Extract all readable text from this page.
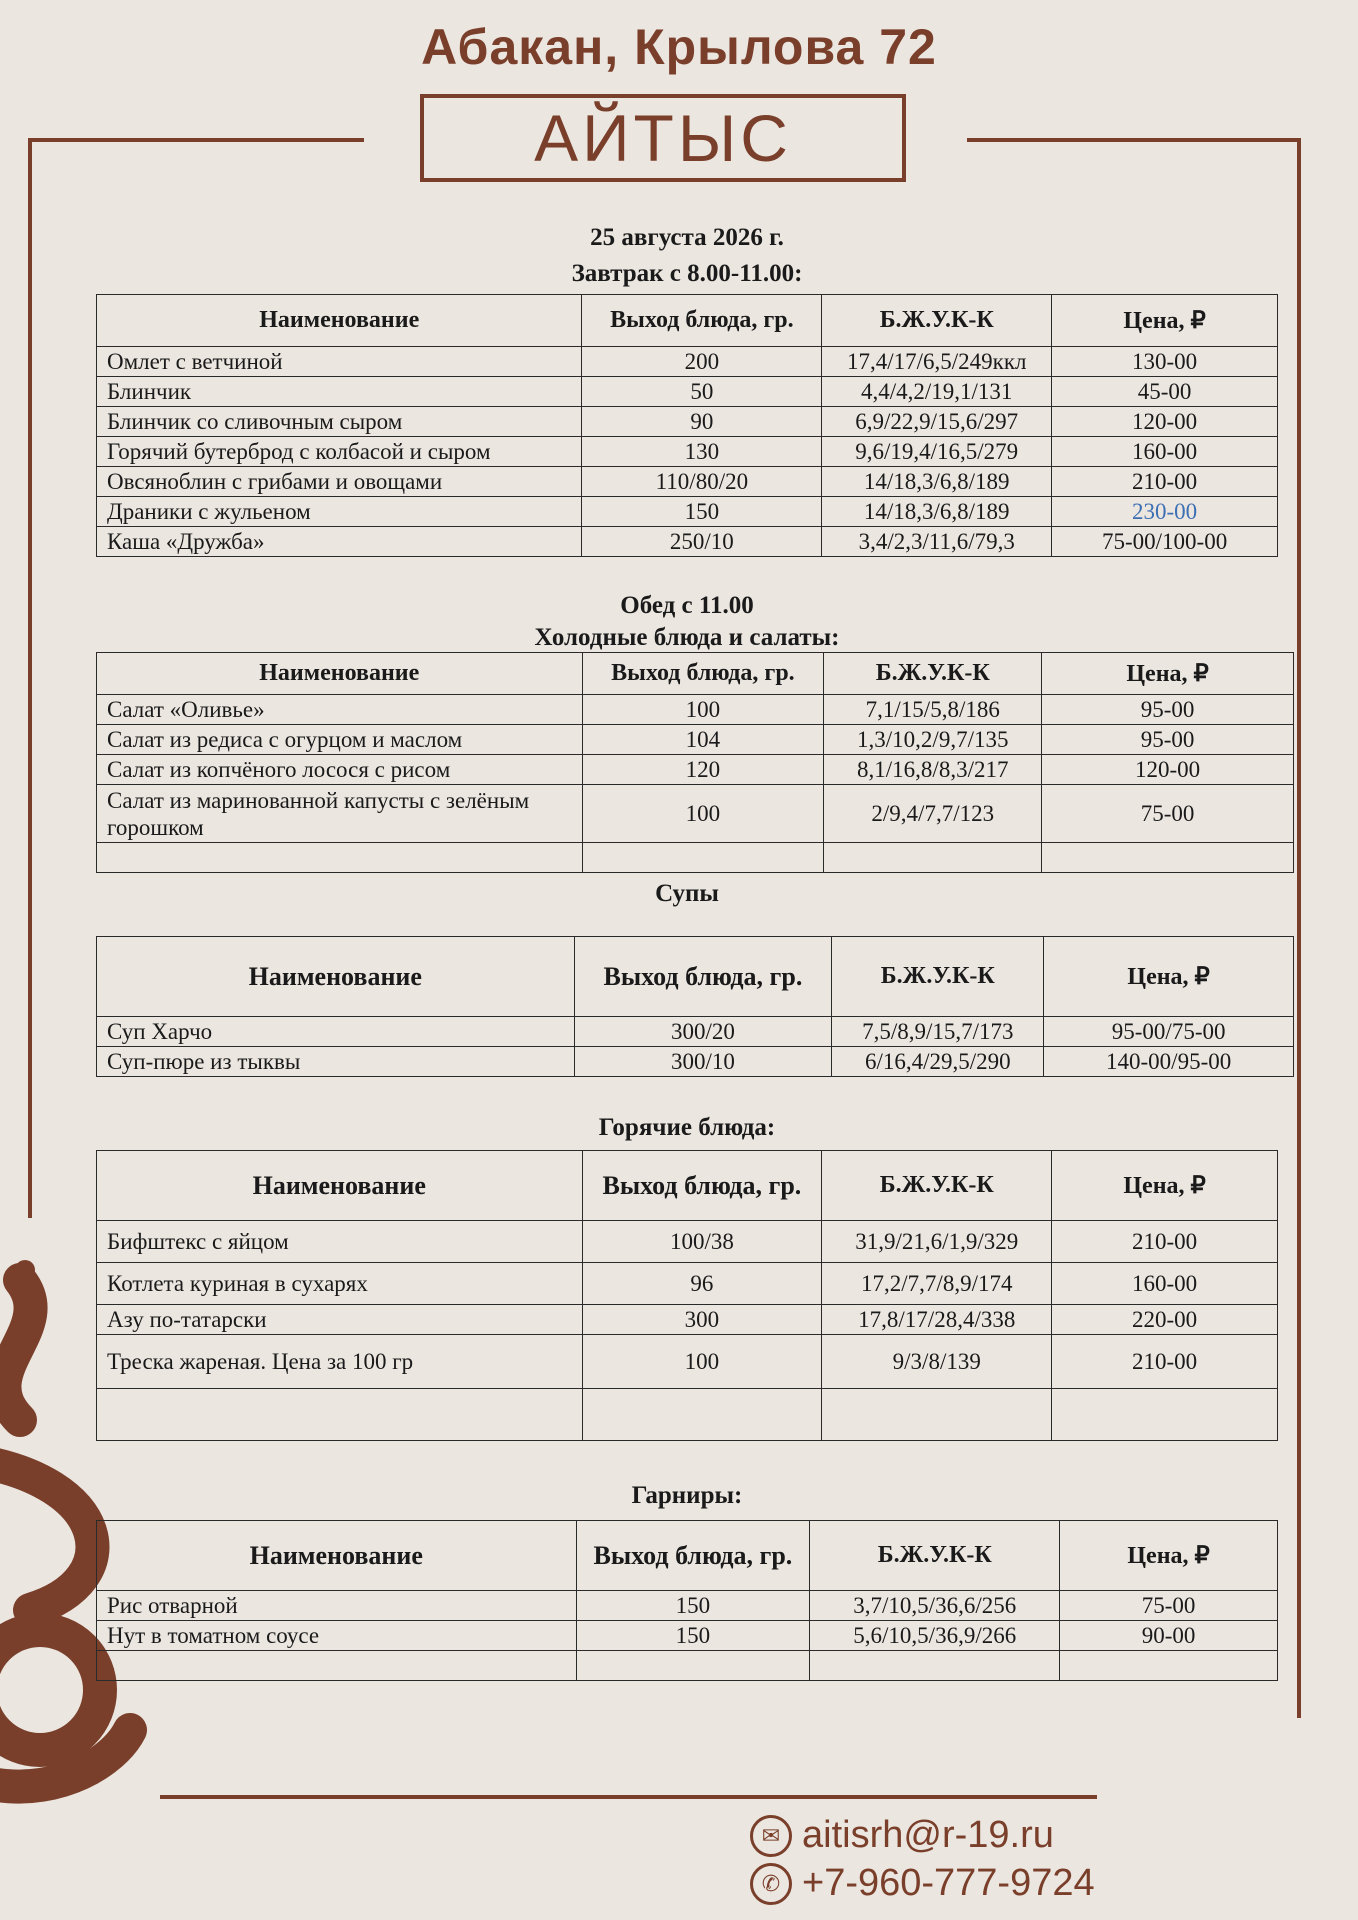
Абакан, Крылова 72
АЙТЫС
25 августа 2026 г.
Завтрак с 8.00-11.00:
Наименование	Выход блюда, гр.	Б.Ж.У.К-К	Цена, ₽
Омлет с ветчиной	200	17,4/17/6,5/249ккл	130-00
Блинчик	50	4,4/4,2/19,1/131	45-00
Блинчик со сливочным сыром	90	6,9/22,9/15,6/297	120-00
Горячий бутерброд с колбасой и сыром	130	9,6/19,4/16,5/279	160-00
Овсяноблин с грибами и овощами	110/80/20	14/18,3/6,8/189	210-00
Драники с жульеном	150	14/18,3/6,8/189	230-00
Каша «Дружба»	250/10	3,4/2,3/11,6/79,3	75-00/100-00
Обед с 11.00
Холодные блюда и салаты:
Наименование	Выход блюда, гр.	Б.Ж.У.К-К	Цена, ₽
Салат «Оливье»	100	7,1/15/5,8/186	95-00
Салат из редиса с огурцом и маслом	104	1,3/10,2/9,7/135	95-00
Салат из копчёного лосося с рисом	120	8,1/16,8/8,3/217	120-00
Салат из маринованной капусты с зелёным горошком	100	2/9,4/7,7/123	75-00

Супы
Наименование	Выход блюда, гр.	Б.Ж.У.К-К	Цена, ₽
Суп Харчо	300/20	7,5/8,9/15,7/173	95-00/75-00
Суп-пюре из тыквы	300/10	6/16,4/29,5/290	140-00/95-00
Горячие блюда:
Наименование	Выход блюда, гр.	Б.Ж.У.К-К	Цена, ₽
Бифштекс с яйцом	100/38	31,9/21,6/1,9/329	210-00
Котлета куриная в сухарях	96	17,2/7,7/8,9/174	160-00
Азу по-татарски	300	17,8/17/28,4/338	220-00
Треска жареная. Цена за 100 гр	100	9/3/8/139	210-00

Гарниры:
Наименование	Выход блюда, гр.	Б.Ж.У.К-К	Цена, ₽
Рис отварной	150	3,7/10,5/36,6/256	75-00
Нут в томатном соусе	150	5,6/10,5/36,9/266	90-00

✉ aitisrh@r-19.ru
✆ +7-960-777-9724
